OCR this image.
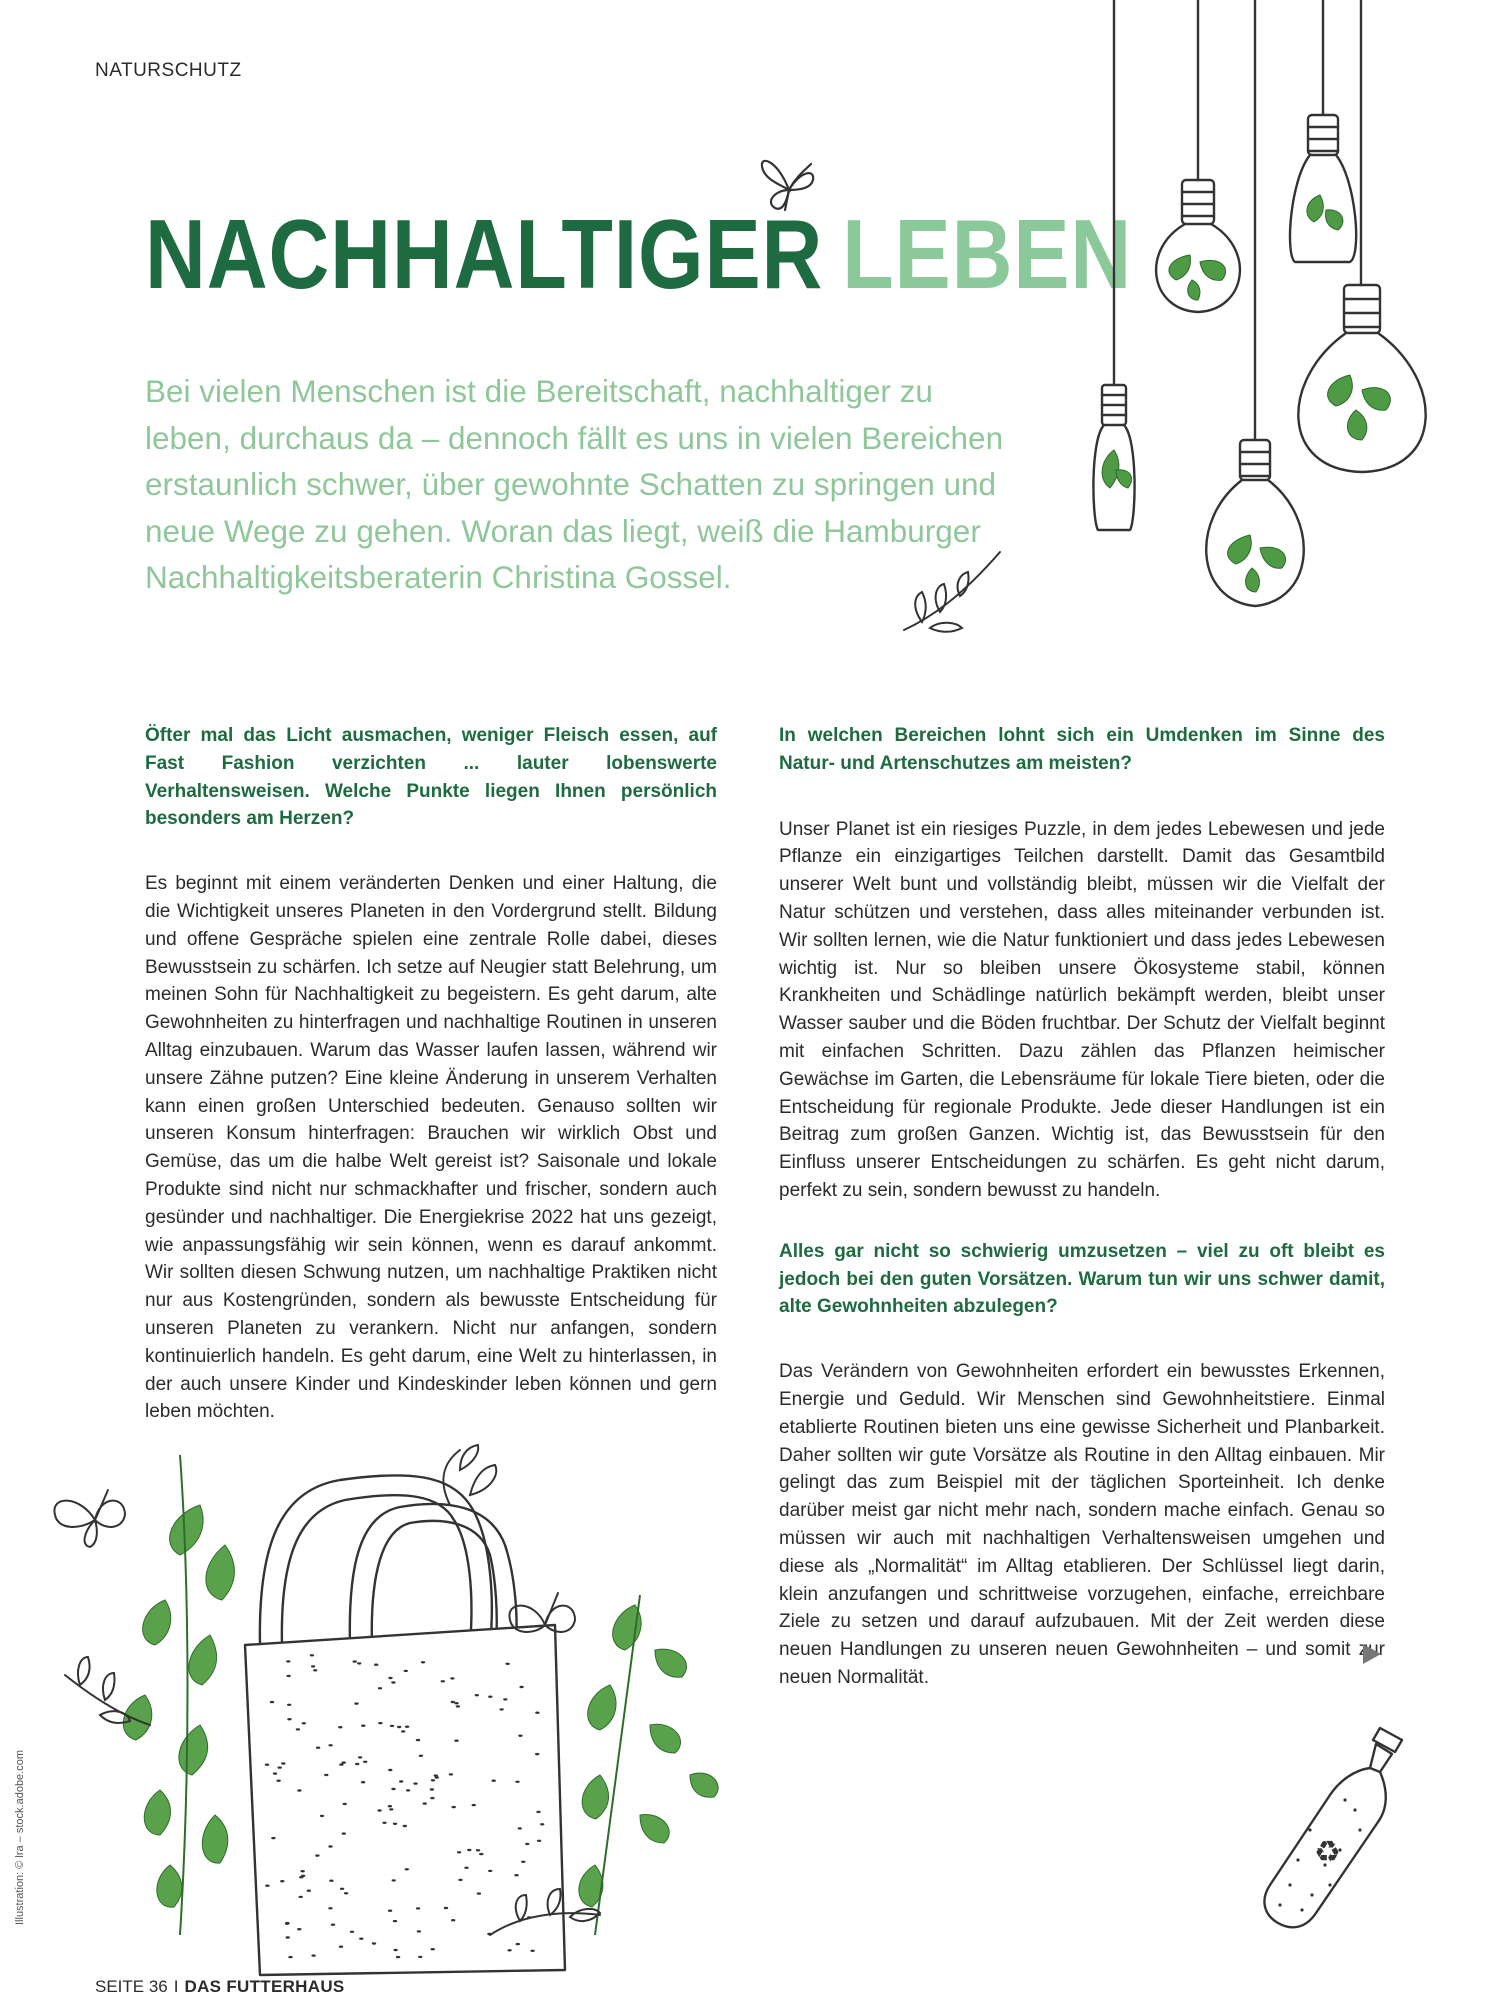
NATURSCHUTZ
NACHHALTIGER LEBEN
Bei vielen Menschen ist die Bereitschaft, nachhaltiger zu leben, durchaus da – dennoch fällt es uns in vielen Bereichen erstaunlich schwer, über gewohnte Schatten zu springen und neue Wege zu gehen. Woran das liegt, weiß die Hamburger Nachhaltigkeitsberaterin Christina Gossel.
Öfter mal das Licht ausmachen, weniger Fleisch essen, auf Fast Fashion verzichten ... lauter lobenswerte Verhaltensweisen. Welche Punkte liegen Ihnen persönlich besonders am Herzen?

Es beginnt mit einem veränderten Denken und einer Haltung, die die Wichtigkeit unseres Planeten in den Vordergrund stellt. Bildung und offene Gespräche spielen eine zentrale Rolle dabei, dieses Bewusstsein zu schärfen. Ich setze auf Neugier statt Belehrung, um meinen Sohn für Nachhaltigkeit zu begeistern. Es geht darum, alte Gewohnheiten zu hinterfragen und nachhaltige Routinen in unseren Alltag einzubauen. Warum das Wasser laufen lassen, während wir unsere Zähne putzen? Eine kleine Änderung in unserem Verhalten kann einen großen Unterschied bedeuten. Genauso sollten wir unseren Konsum hinterfragen: Brauchen wir wirklich Obst und Gemüse, das um die halbe Welt gereist ist? Saisonale und lokale Produkte sind nicht nur schmackhafter und frischer, sondern auch gesünder und nachhaltiger. Die Energiekrise 2022 hat uns gezeigt, wie anpassungsfähig wir sein können, wenn es darauf ankommt. Wir sollten diesen Schwung nutzen, um nachhaltige Praktiken nicht nur aus Kostengründen, sondern als bewusste Entscheidung für unseren Planeten zu verankern. Nicht nur anfangen, sondern kontinuierlich handeln. Es geht darum, eine Welt zu hinterlassen, in der auch unsere Kinder und Kindeskinder leben können und gern leben möchten.

In welchen Bereichen lohnt sich ein Umdenken im Sinne des Natur- und Artenschutzes am meisten?

Unser Planet ist ein riesiges Puzzle, in dem jedes Lebewesen und jede Pflanze ein einzigartiges Teilchen darstellt. Damit das Gesamtbild unserer Welt bunt und vollständig bleibt, müssen wir die Vielfalt der Natur schützen und verstehen, dass alles miteinander verbunden ist. Wir sollten lernen, wie die Natur funktioniert und dass jedes Lebewesen wichtig ist. Nur so bleiben unsere Ökosysteme stabil, können Krankheiten und Schädlinge natürlich bekämpft werden, bleibt unser Wasser sauber und die Böden fruchtbar. Der Schutz der Vielfalt beginnt mit einfachen Schritten. Dazu zählen das Pflanzen heimischer Gewächse im Garten, die Lebensräume für lokale Tiere bieten, oder die Entscheidung für regionale Produkte. Jede dieser Handlungen ist ein Beitrag zum großen Ganzen. Wichtig ist, das Bewusstsein für den Einfluss unserer Entscheidungen zu schärfen. Es geht nicht darum, perfekt zu sein, sondern bewusst zu handeln.

Alles gar nicht so schwierig umzusetzen – viel zu oft bleibt es jedoch bei den guten Vorsätzen. Warum tun wir uns schwer damit, alte Gewohnheiten abzulegen?

Das Verändern von Gewohnheiten erfordert ein bewusstes Erkennen, Energie und Geduld. Wir Menschen sind Gewohnheitstiere. Einmal etablierte Routinen bieten uns eine gewisse Sicherheit und Planbarkeit. Daher sollten wir gute Vorsätze als Routine in den Alltag einbauen. Mir gelingt das zum Beispiel mit der täglichen Sporteinheit. Ich denke darüber meist gar nicht mehr nach, sondern mache einfach. Genau so müssen wir auch mit nachhaltigen Verhaltensweisen umgehen und diese als „Normalität“ im Alltag etablieren. Der Schlüssel liegt darin, klein anzufangen und schrittweise vorzugehen, einfache, erreichbare Ziele zu setzen und darauf aufzubauen. Mit der Zeit werden diese neuen Handlungen zu unseren neuen Gewohnheiten – und somit zur neuen Normalität.

♻
Illustration: © lra – stock.adobe.com
SEITE 36 I DAS FUTTERHAUS
